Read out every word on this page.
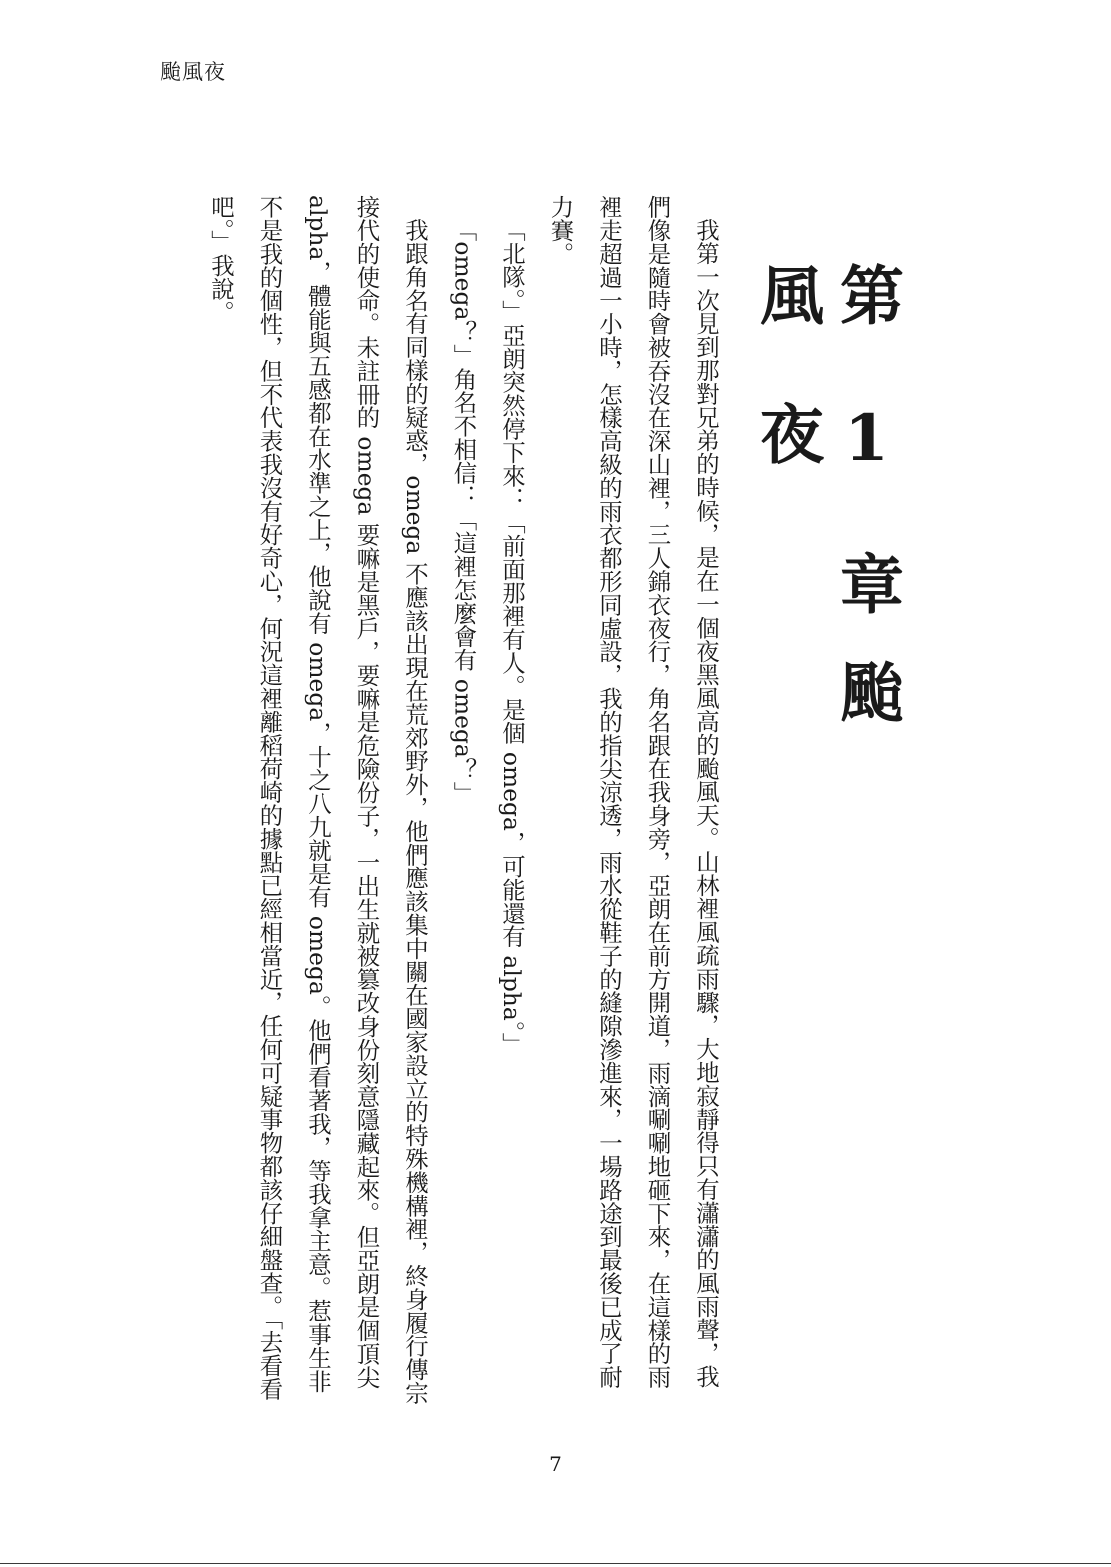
颱風夜
第 1 章颱 風 夜

我第一次見到那對兄弟的時候，是在一個夜黑風高的颱風天。山林裡風疏雨驟，大地寂靜得只有瀟瀟的風雨聲，我們像是隨時會被吞沒在深山裡，三人錦衣夜行，角名跟在我身旁，亞朗在前方開道，雨滴唰唰地砸下來，在這樣的雨裡走超過一小時，怎樣高級的雨衣都形同虛設，我的指尖涼透，雨水從鞋子的縫隙滲進來，一場路途到最後已成了耐力賽。

「北隊。」亞朗突然停下來：「前面那裡有人。是個 omega，可能還有 alpha。」

「omega？」角名不相信：「這裡怎麼會有 omega？」

我跟角名有同樣的疑惑，omega 不應該出現在荒郊野外，他們應該集中關在國家設立的特殊機構裡，終身履行傳宗接代的使命。未註冊的 omega 要嘛是黑戶，要嘛是危險份子，一出生就被篡改身份刻意隱藏起來。但亞朗是個頂尖 alpha，體能與五感都在水準之上，他說有 omega，十之八九就是有 omega。他們看著我，等我拿主意。惹事生非不是我的個性，但不代表我沒有好奇心，何況這裡離稻荷崎的據點已經相當近，任何可疑事物都該仔細盤查。「去看看吧。」我說。

7
